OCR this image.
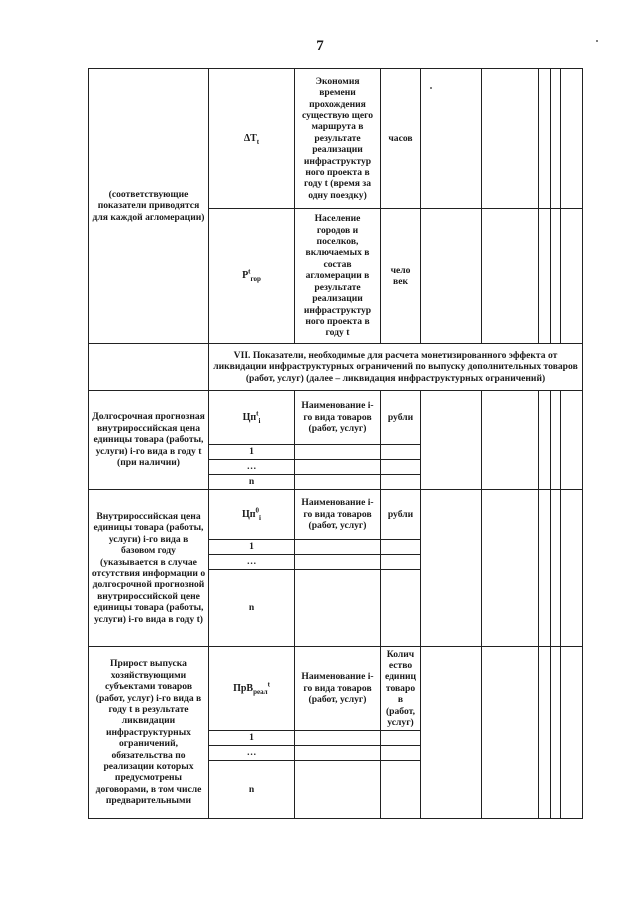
7
(соответствующие показатели приводятся для каждой агломерации)	$\Delta T_t$	Экономия времени прохождения существую щего маршрута в результате реализации инфраструктур ного проекта в году t (время за одну поездку)	часов					
	$P^t_{гор}$	Население городов и поселков, включаемых в состав агломерации в результате реализации инфраструктур ного проекта в году t	чело век					
	VII. Показатели, необходимые для расчета монетизированного эффекта от ликвидации инфраструктурных ограничений по выпуску дополнительных товаров (работ, услуг) (далее – ликвидация инфраструктурных ограничений)							
Долгосрочная прогнозная внутрироссийская цена единицы товара (работы, услуги) i-го вида в году t (при наличии)	$Цп^t_i$	Наименование i-го вида товаров (работ, услуг)	рубли					
	1							
	…							
	n							
Внутрироссийская цена единицы товара (работы, услуги) i-го вида в базовом году (указывается в случае отсутствия информации о долгосрочной прогнозной внутрироссийской цене единицы товара (работы, услуги) i-го вида в году t)	$Цп^0_i$	Наименование i-го вида товаров (работ, услуг)	рубли					
	1							
	…							
	n							
Прирост выпуска хозяйствующими субъектами товаров (работ, услуг) i-го вида в году t в результате ликвидации инфраструктурных ограничений, обязательства по реализации которых предусмотрены договорами, в том числе предварительными	ПрВ$_{реал}^t$	Наименование i-го вида товаров (работ, услуг)	Колич ество единиц товаро в (работ, услуг)					
	1							
	…							
	n							
